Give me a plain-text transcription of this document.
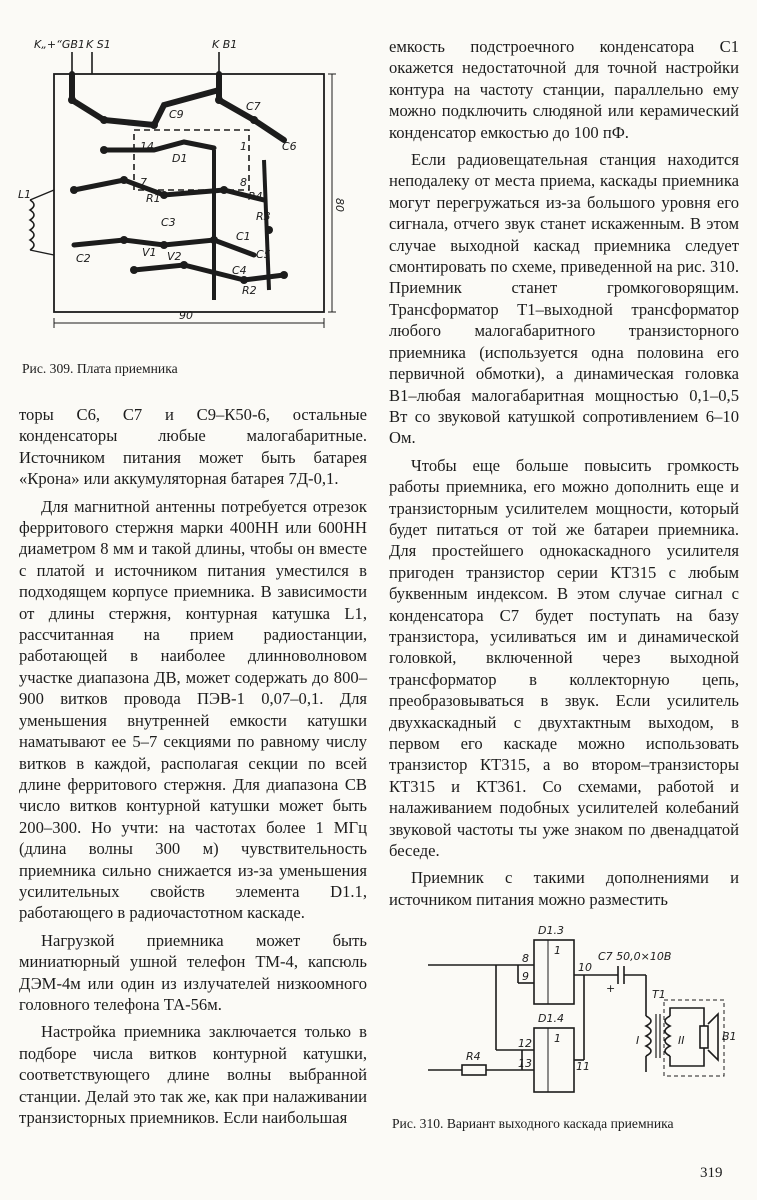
K„+“GB1 K S1	K B1
C9
C7
C6
D1
R1	R4
R3
C3
C1
V1 V2	C5
C4
R2
C2
L1
14	1
7	8
90
80
Рис. 309. Плата приемника

торы С6, С7 и С9–К50-6, остальные конденсаторы любые малогабаритные. Источником питания может быть батарея «Крона» или аккумуляторная батарея 7Д-0,1.

Для магнитной антенны потребуется отрезок ферритового стержня марки 400НН или 600НН диаметром 8 мм и такой длины, чтобы он вместе с платой и источником питания уместился в подходящем корпусе приемника. В зависимости от длины стержня, контурная катушка L1, рассчитанная на прием радиостанции, работающей в наиболее длинноволновом участке диапазона ДВ, может содержать до 800–900 витков провода ПЭВ-1 0,07–0,1. Для уменьшения внутренней емкости катушки наматывают ее 5–7 секциями по равному числу витков в каждой, располагая секции по всей длине ферритового стержня. Для диапазона СВ число витков контурной катушки может быть 200–300. Но учти: на частотах более 1 МГц (длина волны 300 м) чувствительность приемника сильно снижается из-за уменьшения усилительных свойств элемента D1.1, работающего в радиочастотном каскаде.

Нагрузкой приемника может быть миниатюрный ушной телефон ТМ-4, капсюль ДЭМ-4м или один из излучателей низкоомного головного телефона ТА-56м.

Настройка приемника заключается только в подборе числа витков контурной катушки, соответствующего длине волны выбранной станции. Делай это так же, как при налаживании транзисторных приемников. Если наибольшая

емкость подстроечного конденсатора С1 окажется недостаточной для точной настройки контура на частоту станции, параллельно ему можно подключить слюдяной или керамический конденсатор емкостью до 100 пФ.

Если радиовещательная станция находится неподалеку от места приема, каскады приемника могут перегружаться из-за большого уровня его сигнала, отчего звук станет искаженным. В этом случае выходной каскад приемника следует смонтировать по схеме, приведенной на рис. 310. Приемник станет громкоговорящим. Трансформатор Т1–выходной трансформатор любого малогабаритного транзисторного приемника (используется одна половина его первичной обмотки), а динамическая головка В1–любая малогабаритная мощностью 0,1–0,5 Вт со звуковой катушкой сопротивлением 6–10 Ом.

Чтобы еще больше повысить громкость работы приемника, его можно дополнить еще и транзисторным усилителем мощности, который будет питаться от той же батареи приемника. Для простейшего однокаскадного усилителя пригоден транзистор серии КТ315 с любым буквенным индексом. В этом случае сигнал с конденсатора С7 будет поступать на базу транзистора, усиливаться им и динамической головкой, включенной через выходной трансформатор в коллекторную цепь, преобразовываться в звук. Если усилитель двухкаскадный с двухтактным выходом, в первом его каскаде можно использовать транзистор КТ315, а во втором–транзисторы КТ315 и КТ361. Со схемами, работой и налаживанием подобных усилителей колебаний звуковой частоты ты уже знаком по двенадцатой беседе.

Приемник с такими дополнениями и источником питания можно разместить

D1.3
D1.4
1
1
8
9
10
12
13	11
C7 50,0×10В
+	Т1
I	II	В1
R4
Рис. 310. Вариант выходного каскада приемника
319
